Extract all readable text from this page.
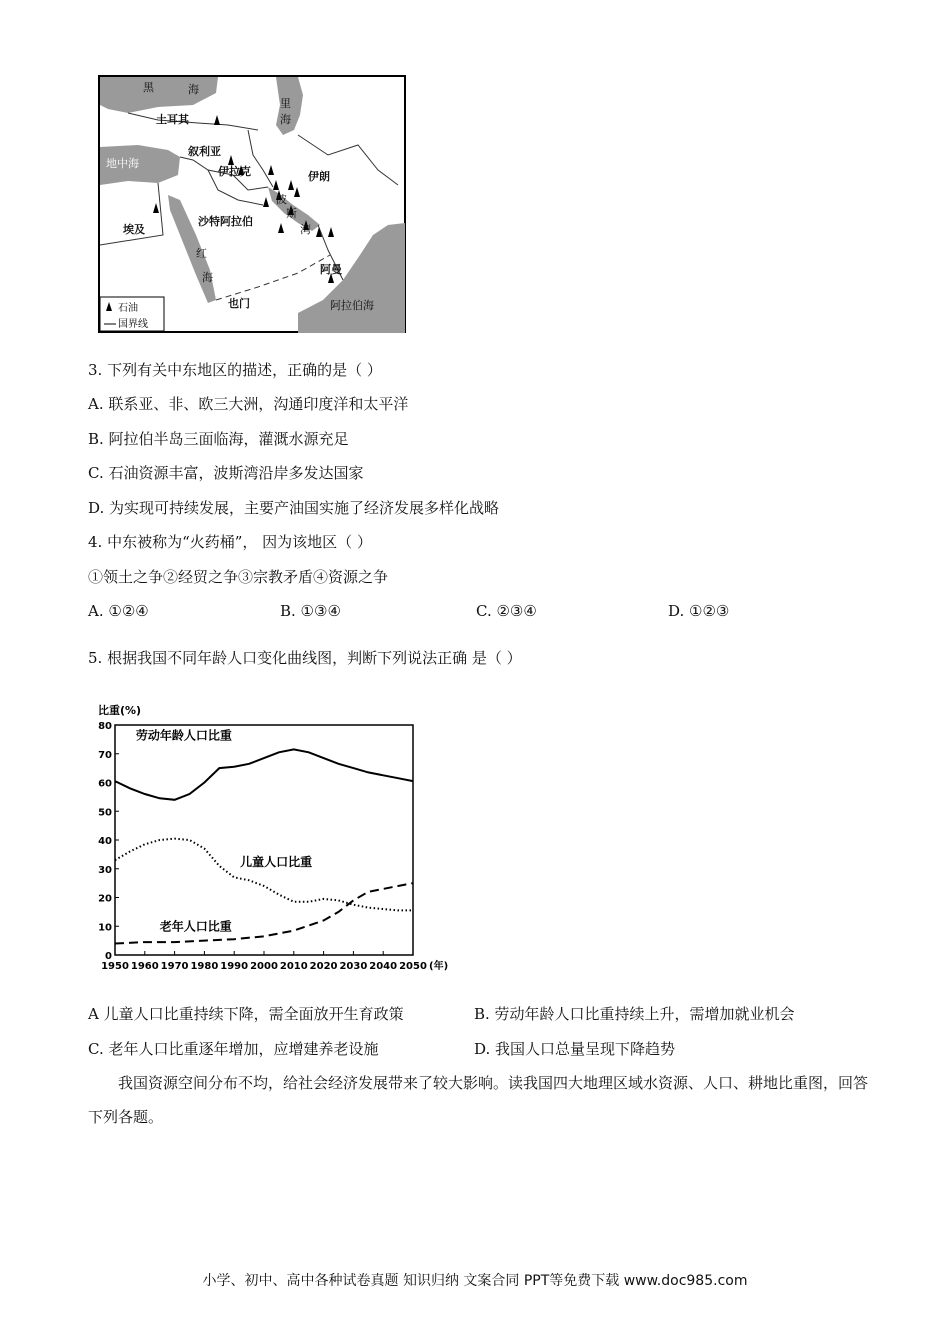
黑	海
里
海
土耳其
叙利亚
地中海
伊拉克	伊朗
沙特阿拉伯
波
斯
湾
埃及
红
海
阿曼
也门	阿拉伯海
石油
国界线
3. 下列有关中东地区的描述，正确的是（ ）
A. 联系亚、非、欧三大洲，沟通印度洋和太平洋
B. 阿拉伯半岛三面临海，灌溉水源充足
C. 石油资源丰富，波斯湾沿岸多发达国家
D. 为实现可持续发展，主要产油国实施了经济发展多样化战略
4. 中东被称为“火药桶”， 因为该地区（ ）
①领土之争②经贸之争③宗教矛盾④资源之争
A. ①②④	B. ①③④	C. ②③④	D. ①②③
5. 根据我国不同年龄人口变化曲线图，判断下列说法正确 是（ ）
0
10
20
30
40
50
60
70
80
1950 1960 1970 1980 1990 2000 2010 2020 2030 2040 2050
比重(%)
(年)
劳动年龄人口比重
儿童人口比重
老年人口比重
A 儿童人口比重持续下降，需全面放开生育政策	B. 劳动年龄人口比重持续上升，需增加就业机会
C. 老年人口比重逐年增加，应增建养老设施	D. 我国人口总量呈现下降趋势
我国资源空间分布不均，给社会经济发展带来了较大影响。读我国四大地理区域水资源、人口、耕地比重图，回答下列各题。
小学、初中、高中各种试卷真题 知识归纳 文案合同 PPT等免费下载 www.doc985.com
